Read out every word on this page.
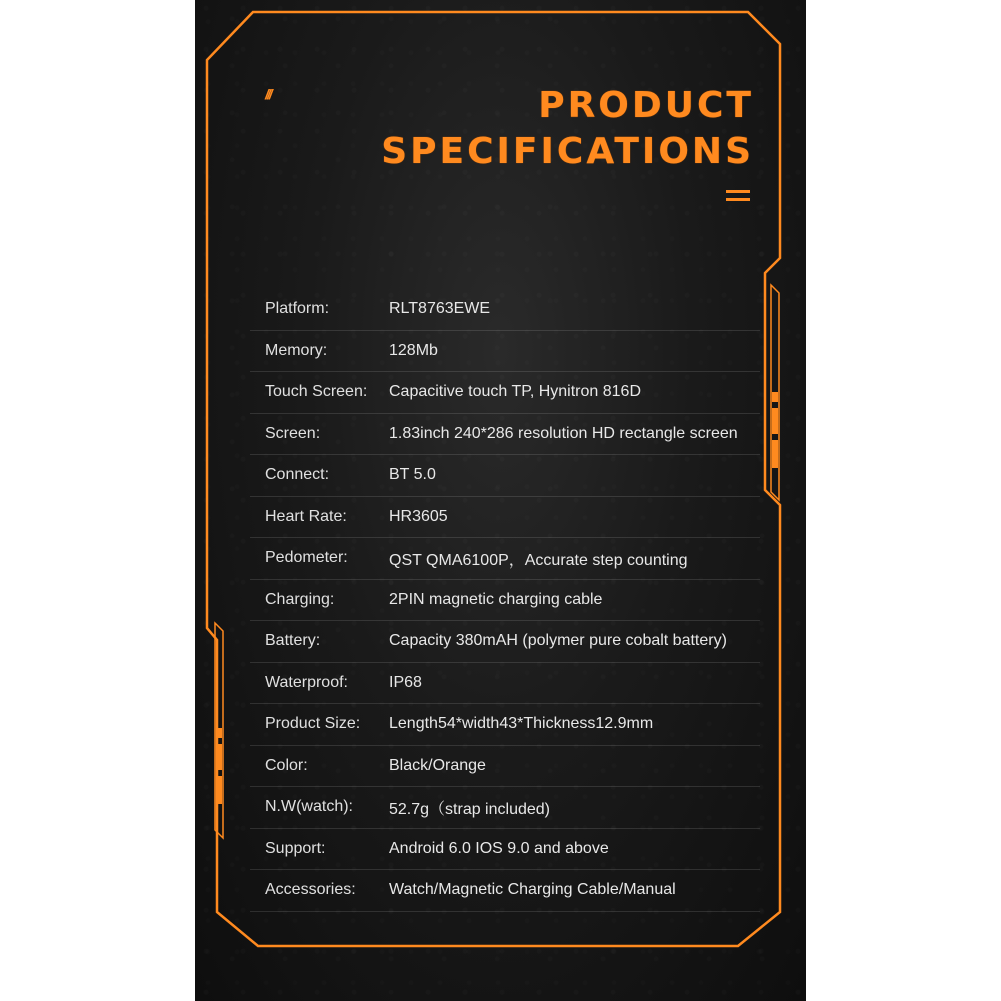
///	PRODUCT
SPECIFICATIONS
Platform:	RLT8763EWE
Memory:	128Mb
Touch Screen:	Capacitive touch TP, Hynitron 816D
Screen:	1.83inch 240*286 resolution HD rectangle screen
Connect:	BT 5.0
Heart Rate:	HR3605
Pedometer:	QST QMA6100P，Accurate step counting
Charging:	2PIN magnetic charging cable
Battery:	Capacity 380mAH (polymer pure cobalt battery)
Waterproof:	IP68
Product Size:	Length54*width43*Thickness12.9mm
Color:	Black/Orange
N.W(watch):	52.7g（strap included)
Support:	Android 6.0 IOS 9.0 and above
Accessories:	Watch/Magnetic Charging Cable/Manual
